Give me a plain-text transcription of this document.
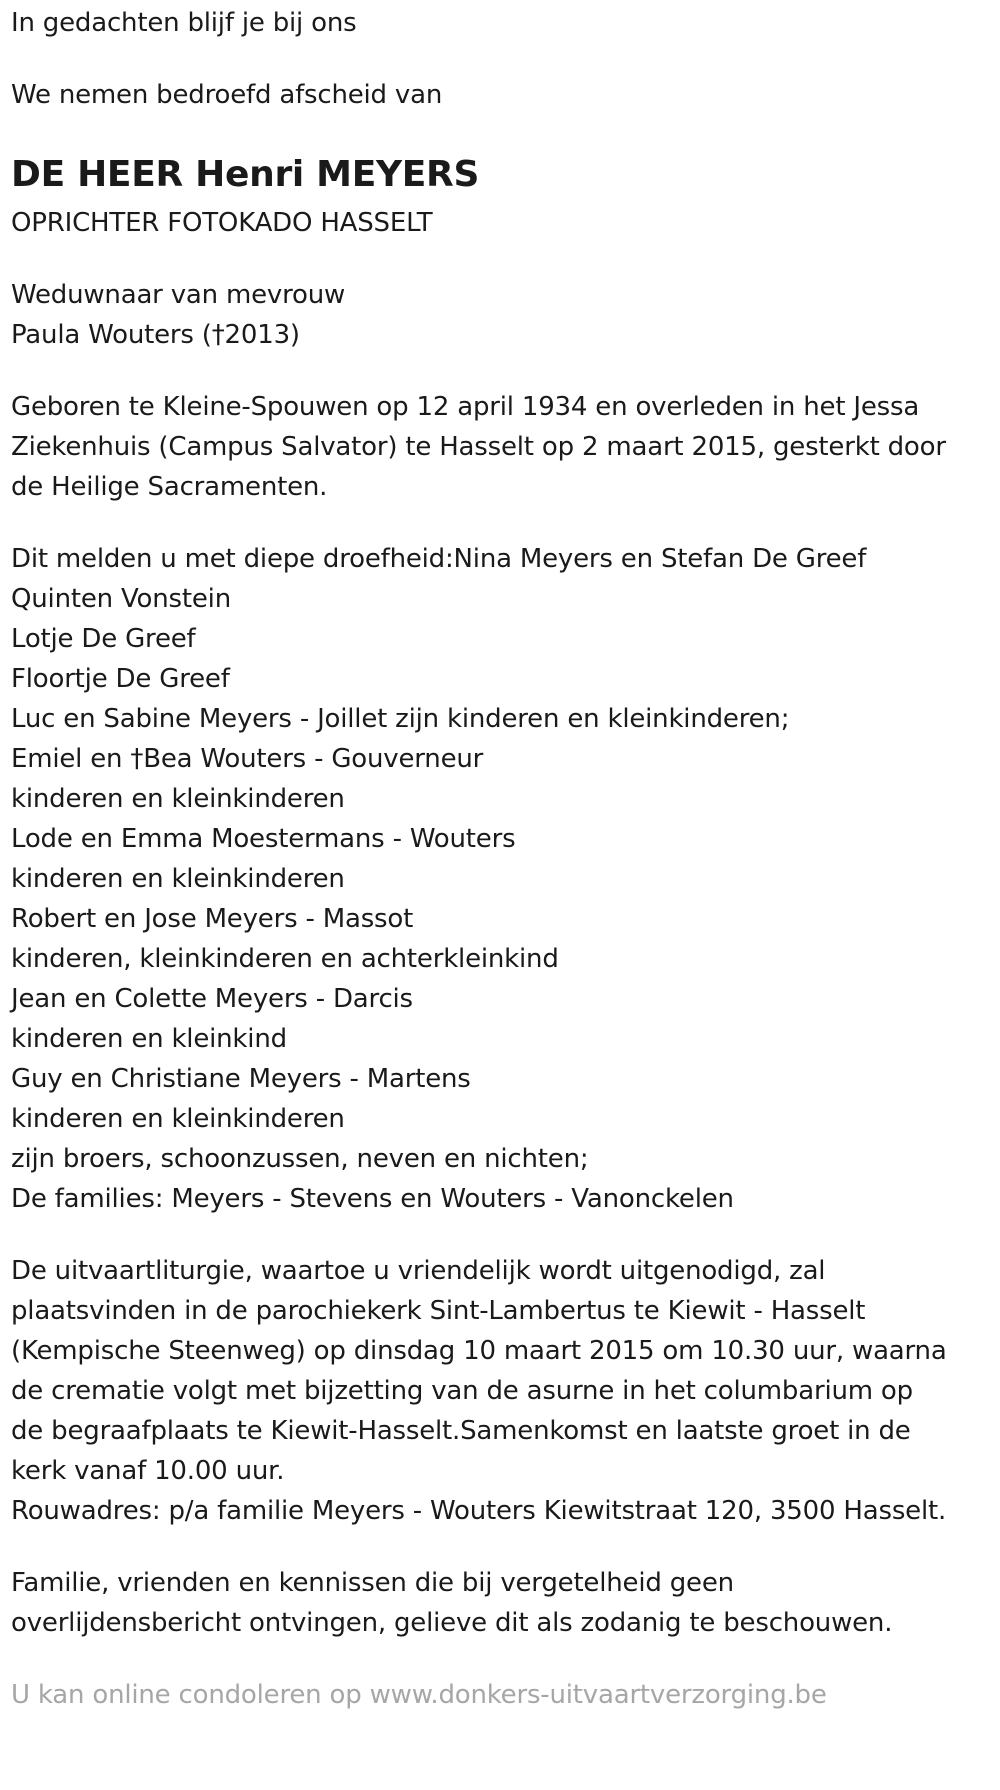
In gedachten blijf je bij ons

We nemen bedroefd afscheid van

DE HEER Henri MEYERS

OPRICHTER FOTOKADO HASSELT

Weduwnaar van mevrouw

Paula Wouters (†2013)

Geboren te Kleine-Spouwen op 12 april 1934 en overleden in het Jessa

Ziekenhuis (Campus Salvator) te Hasselt op 2 maart 2015, gesterkt door

de Heilige Sacramenten.

Dit melden u met diepe droefheid:Nina Meyers en Stefan De Greef

Quinten Vonstein

Lotje De Greef

Floortje De Greef

Luc en Sabine Meyers - Joillet zijn kinderen en kleinkinderen;

Emiel en †Bea Wouters - Gouverneur

kinderen en kleinkinderen

Lode en Emma Moestermans - Wouters

kinderen en kleinkinderen

Robert en Jose Meyers - Massot

kinderen, kleinkinderen en achterkleinkind

Jean en Colette Meyers - Darcis

kinderen en kleinkind

Guy en Christiane Meyers - Martens

kinderen en kleinkinderen

zijn broers, schoonzussen, neven en nichten;

De families: Meyers - Stevens en Wouters - Vanonckelen

De uitvaartliturgie, waartoe u vriendelijk wordt uitgenodigd, zal

plaatsvinden in de parochiekerk Sint-Lambertus te Kiewit - Hasselt

(Kempische Steenweg) op dinsdag 10 maart 2015 om 10.30 uur, waarna

de crematie volgt met bijzetting van de asurne in het columbarium op

de begraafplaats te Kiewit-Hasselt.Samenkomst en laatste groet in de

kerk vanaf 10.00 uur.

Rouwadres: p/a familie Meyers - Wouters Kiewitstraat 120, 3500 Hasselt.

Familie, vrienden en kennissen die bij vergetelheid geen

overlijdensbericht ontvingen, gelieve dit als zodanig te beschouwen.

U kan online condoleren op www.donkers-uitvaartverzorging.be
